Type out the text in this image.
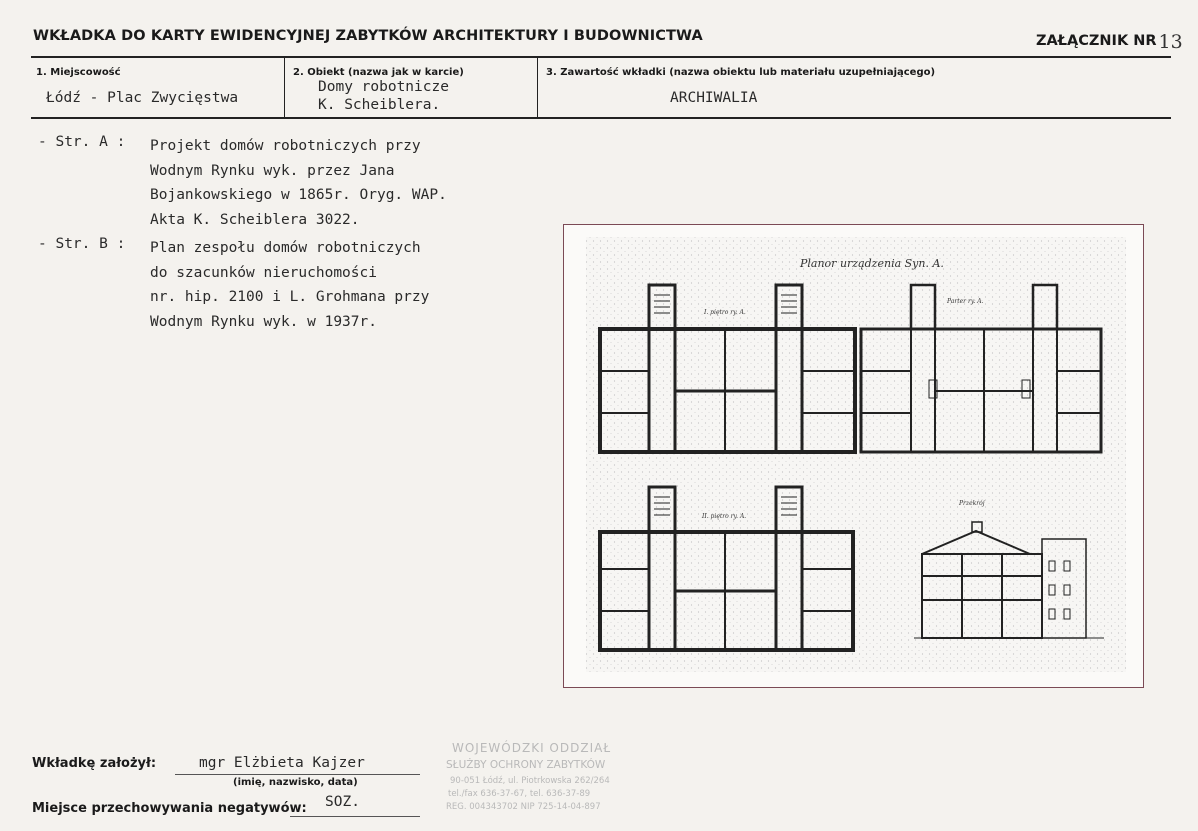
WKŁADKA DO KARTY EWIDENCYJNEJ ZABYTKÓW ARCHITEKTURY I BUDOWNICTWA	ZAŁĄCZNIK NR 13
1. Miejscowość
Łódź - Plac Zwycięstwa
2. Obiekt (nazwa jak w karcie)
Domy robotnicze
K. Scheiblera.
3. Zawartość wkładki (nazwa obiektu lub materiału uzupełniającego)
ARCHIWALIA
- Str. A :	Projekt domów robotniczych przy
Wodnym Rynku wyk. przez Jana
Bojankowskiego w 1865r. Oryg. WAP.
Akta K. Scheiblera 3022.
- Str. B :	Plan zespołu domów robotniczych
do szacunków nieruchomości
nr. hip. 2100 i L. Grohmana przy
Wodnym Rynku wyk. w 1937r.
Planor urządzenia Syn. A.
I. piętro ry. A.
Parter ry. A.
II. piętro ry. A.
Przekrój
Wkładkę założył:	mgr Elżbieta Kajzer
(imię, nazwisko, data)
Miejsce przechowywania negatywów: SOZ.
WOJEWÓDZKI ODDZIAŁ
SŁUŻBY OCHRONY ZABYTKÓW
90-051 Łódź, ul. Piotrkowska 262/264
tel./fax 636-37-67, tel. 636-37-89
REG. 004343702 NIP 725-14-04-897
